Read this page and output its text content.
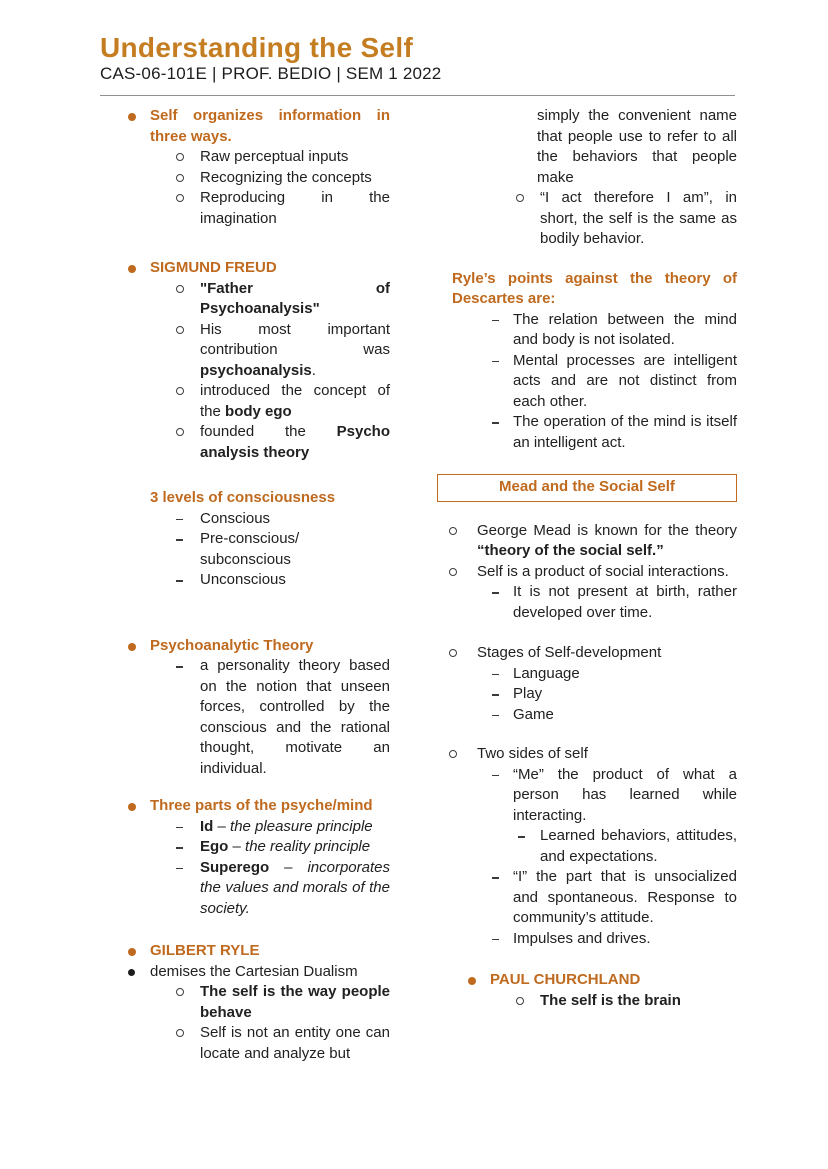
Understanding the Self
CAS-06-101E | PROF. BEDIO | SEM 1 2022
Self organizes information in three ways.
Raw perceptual inputs
Recognizing the concepts
Reproducing in the imagination
SIGMUND FREUD
"Father of Psychoanalysis"
His most important contribution was psychoanalysis.
introduced the concept of the body ego
founded the Psycho analysis theory
3 levels of consciousness
Conscious
Pre-conscious/
subconscious
Unconscious
Psychoanalytic Theory
a personality theory based on the notion that unseen forces, controlled by the conscious and the rational thought, motivate an individual.
Three parts of the psyche/mind
Id – the pleasure principle
Ego – the reality principle
Superego – incorporates the values and morals of the society.
GILBERT RYLE
demises the Cartesian Dualism
The self is the way people behave
Self is not an entity one can locate and analyze but
simply the convenient name that people use to refer to all the behaviors that people make
“I act therefore I am”, in short, the self is the same as bodily behavior.
Ryle’s points against the theory of Descartes are:
The relation between the mind and body is not isolated.
Mental processes are intelligent acts and are not distinct from each other.
The operation of the mind is itself an intelligent act.
Mead and the Social Self
George Mead is known for the theory “theory of the social self.”
Self is a product of social interactions.
It is not present at birth, rather developed over time.
Stages of Self-development
Language
Play
Game
Two sides of self
“Me” the product of what a person has learned while interacting.
Learned behaviors, attitudes, and expectations.
“I” the part that is unsocialized and spontaneous. Response to community’s attitude.
Impulses and drives.
PAUL CHURCHLAND
The self is the brain
